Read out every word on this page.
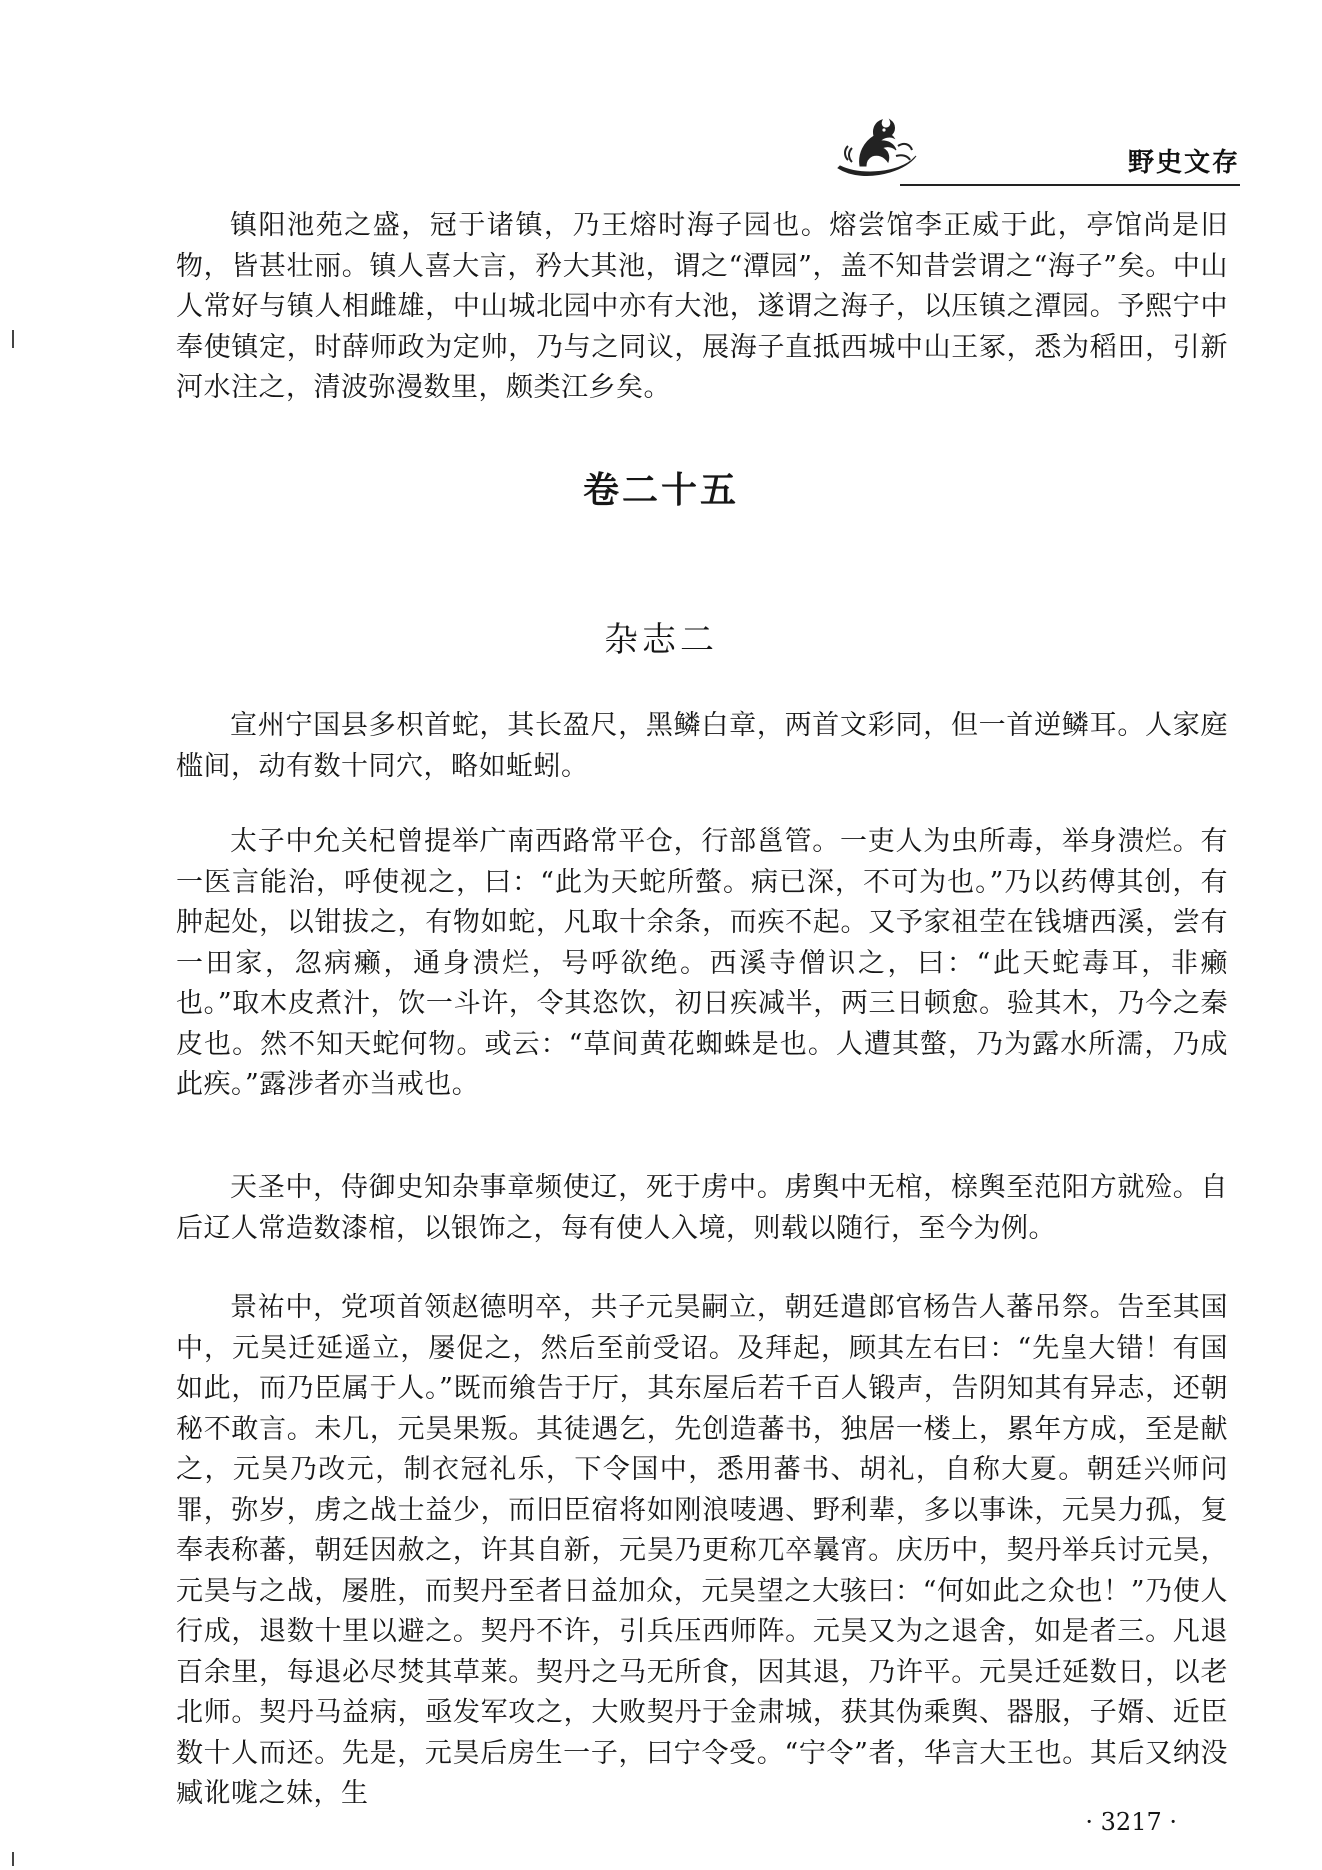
野史文存

镇阳池苑之盛，冠于诸镇，乃王熔时海子园也。熔尝馆李正威于此，亭馆尚是旧物，皆甚壮丽。镇人喜大言，矜大其池，谓之“潭园”，盖不知昔尝谓之“海子”矣。中山人常好与镇人相雌雄，中山城北园中亦有大池，遂谓之海子，以压镇之潭园。予熙宁中奉使镇定，时薛师政为定帅，乃与之同议，展海子直抵西城中山王冢，悉为稻田，引新河水注之，清波弥漫数里，颇类江乡矣。

卷二十五
杂志二

宣州宁国县多枳首蛇，其长盈尺，黑鳞白章，两首文彩同，但一首逆鳞耳。人家庭槛间，动有数十同穴，略如蚯蚓。

太子中允关杞曾提举广南西路常平仓，行部邕管。一吏人为虫所毒，举身溃烂。有一医言能治，呼使视之，曰：“此为天蛇所螫。病已深，不可为也。”乃以药傅其创，有肿起处，以钳拔之，有物如蛇，凡取十余条，而疾不起。又予家祖茔在钱塘西溪，尝有一田家，忽病癞，通身溃烂，号呼欲绝。西溪寺僧识之，曰：“此天蛇毒耳，非癞也。”取木皮煮汁，饮一斗许，令其恣饮，初日疾减半，两三日顿愈。验其木，乃今之秦皮也。然不知天蛇何物。或云：“草间黄花蜘蛛是也。人遭其螫，乃为露水所濡，乃成此疾。”露涉者亦当戒也。

天圣中，侍御史知杂事章频使辽，死于虏中。虏舆中无棺，榇舆至范阳方就殓。自后辽人常造数漆棺，以银饰之，每有使人入境，则载以随行，至今为例。

景祐中，党项首领赵德明卒，共子元昊嗣立，朝廷遣郎官杨告人蕃吊祭。告至其国中，元昊迁延遥立，屡促之，然后至前受诏。及拜起，顾其左右曰：“先皇大错！有国如此，而乃臣属于人。”既而飨告于厅，其东屋后若千百人锻声，告阴知其有异志，还朝秘不敢言。未几，元昊果叛。其徒遇乞，先创造蕃书，独居一楼上，累年方成，至是献之，元昊乃改元，制衣冠礼乐，下令国中，悉用蕃书、胡礼，自称大夏。朝廷兴师问罪，弥岁，虏之战士益少，而旧臣宿将如刚浪唛遇、野利辈，多以事诛，元昊力孤，复奉表称蕃，朝廷因赦之，许其自新，元昊乃更称兀卒曩宵。庆历中，契丹举兵讨元昊，元昊与之战，屡胜，而契丹至者日益加众，元昊望之大骇曰：“何如此之众也！”乃使人行成，退数十里以避之。契丹不许，引兵压西师阵。元昊又为之退舍，如是者三。凡退百余里，每退必尽焚其草莱。契丹之马无所食，因其退，乃许平。元昊迁延数日，以老北师。契丹马益病，亟发军攻之，大败契丹于金肃城，获其伪乘舆、器服，子婿、近臣数十人而还。先是，元昊后房生一子，曰宁令受。“宁令”者，华言大王也。其后又纳没臧讹哤之妹，生

· 3217 ·
